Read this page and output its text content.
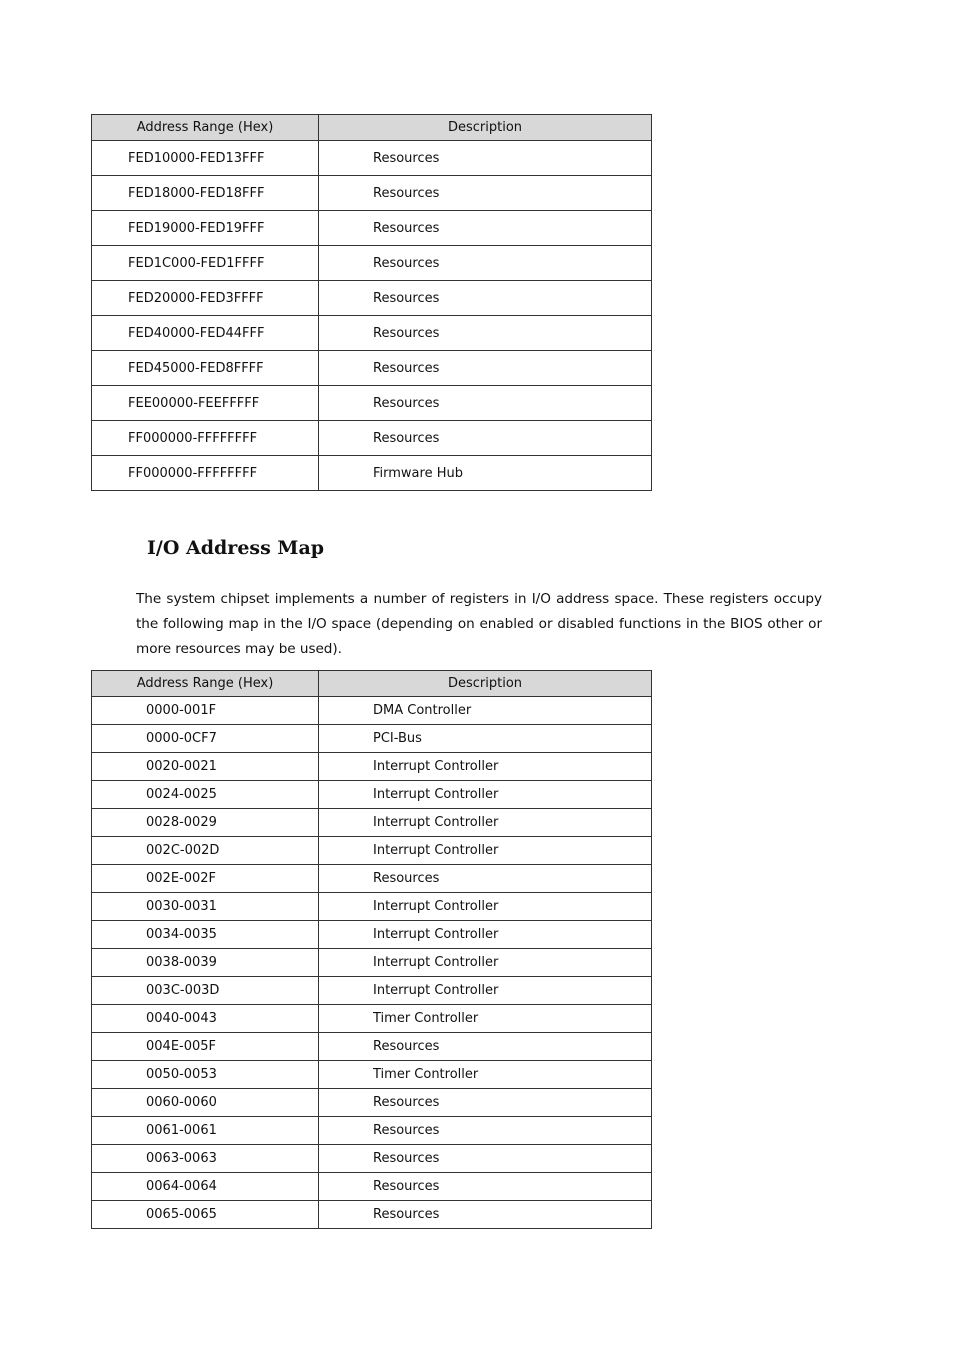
Address Range (Hex)	Description
FED10000-FED13FFF	Resources
FED18000-FED18FFF	Resources
FED19000-FED19FFF	Resources
FED1C000-FED1FFFF	Resources
FED20000-FED3FFFF	Resources
FED40000-FED44FFF	Resources
FED45000-FED8FFFF	Resources
FEE00000-FEEFFFFF	Resources
FF000000-FFFFFFFF	Resources
FF000000-FFFFFFFF	Firmware Hub
I/O Address Map

The system chipset implements a number of registers in I/O address space. These registers occupy the following map in the I/O space (depending on enabled or disabled functions in the BIOS other or more resources may be used).

Address Range (Hex)	Description
0000-001F	DMA Controller
0000-0CF7	PCI-Bus
0020-0021	Interrupt Controller
0024-0025	Interrupt Controller
0028-0029	Interrupt Controller
002C-002D	Interrupt Controller
002E-002F	Resources
0030-0031	Interrupt Controller
0034-0035	Interrupt Controller
0038-0039	Interrupt Controller
003C-003D	Interrupt Controller
0040-0043	Timer Controller
004E-005F	Resources
0050-0053	Timer Controller
0060-0060	Resources
0061-0061	Resources
0063-0063	Resources
0064-0064	Resources
0065-0065	Resources
